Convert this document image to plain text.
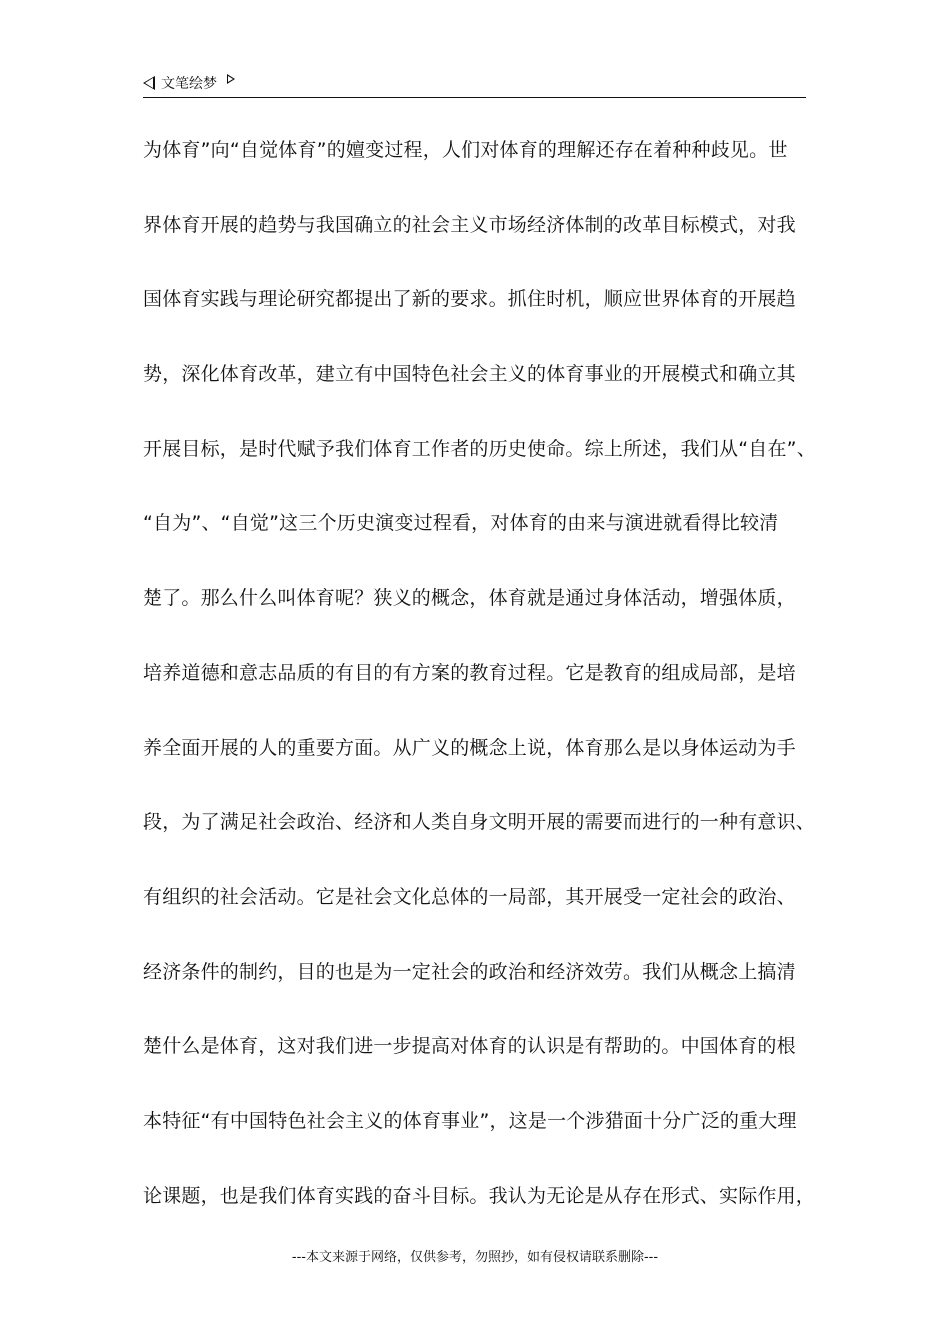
文笔绘梦
为体育”向“自觉体育”的嬗变过程，人们对体育的理解还存在着种种歧见。世
界体育开展的趋势与我国确立的社会主义市场经济体制的改革目标模式，对我
国体育实践与理论研究都提出了新的要求。抓住时机，顺应世界体育的开展趋
势，深化体育改革，建立有中国特色社会主义的体育事业的开展模式和确立其
开展目标，是时代赋予我们体育工作者的历史使命。综上所述，我们从“自在”、
“自为”、“自觉”这三个历史演变过程看，对体育的由来与演进就看得比较清
楚了。那么什么叫体育呢？狭义的概念，体育就是通过身体活动，增强体质，
培养道德和意志品质的有目的有方案的教育过程。它是教育的组成局部，是培
养全面开展的人的重要方面。从广义的概念上说，体育那么是以身体运动为手
段，为了满足社会政治、经济和人类自身文明开展的需要而进行的一种有意识、
有组织的社会活动。它是社会文化总体的一局部，其开展受一定社会的政治、
经济条件的制约，目的也是为一定社会的政治和经济效劳。我们从概念上搞清
楚什么是体育，这对我们进一步提高对体育的认识是有帮助的。中国体育的根
本特征“有中国特色社会主义的体育事业”，这是一个涉猎面十分广泛的重大理
论课题，也是我们体育实践的奋斗目标。我认为无论是从存在形式、实际作用，
---本文来源于网络，仅供参考，勿照抄，如有侵权请联系删除---
